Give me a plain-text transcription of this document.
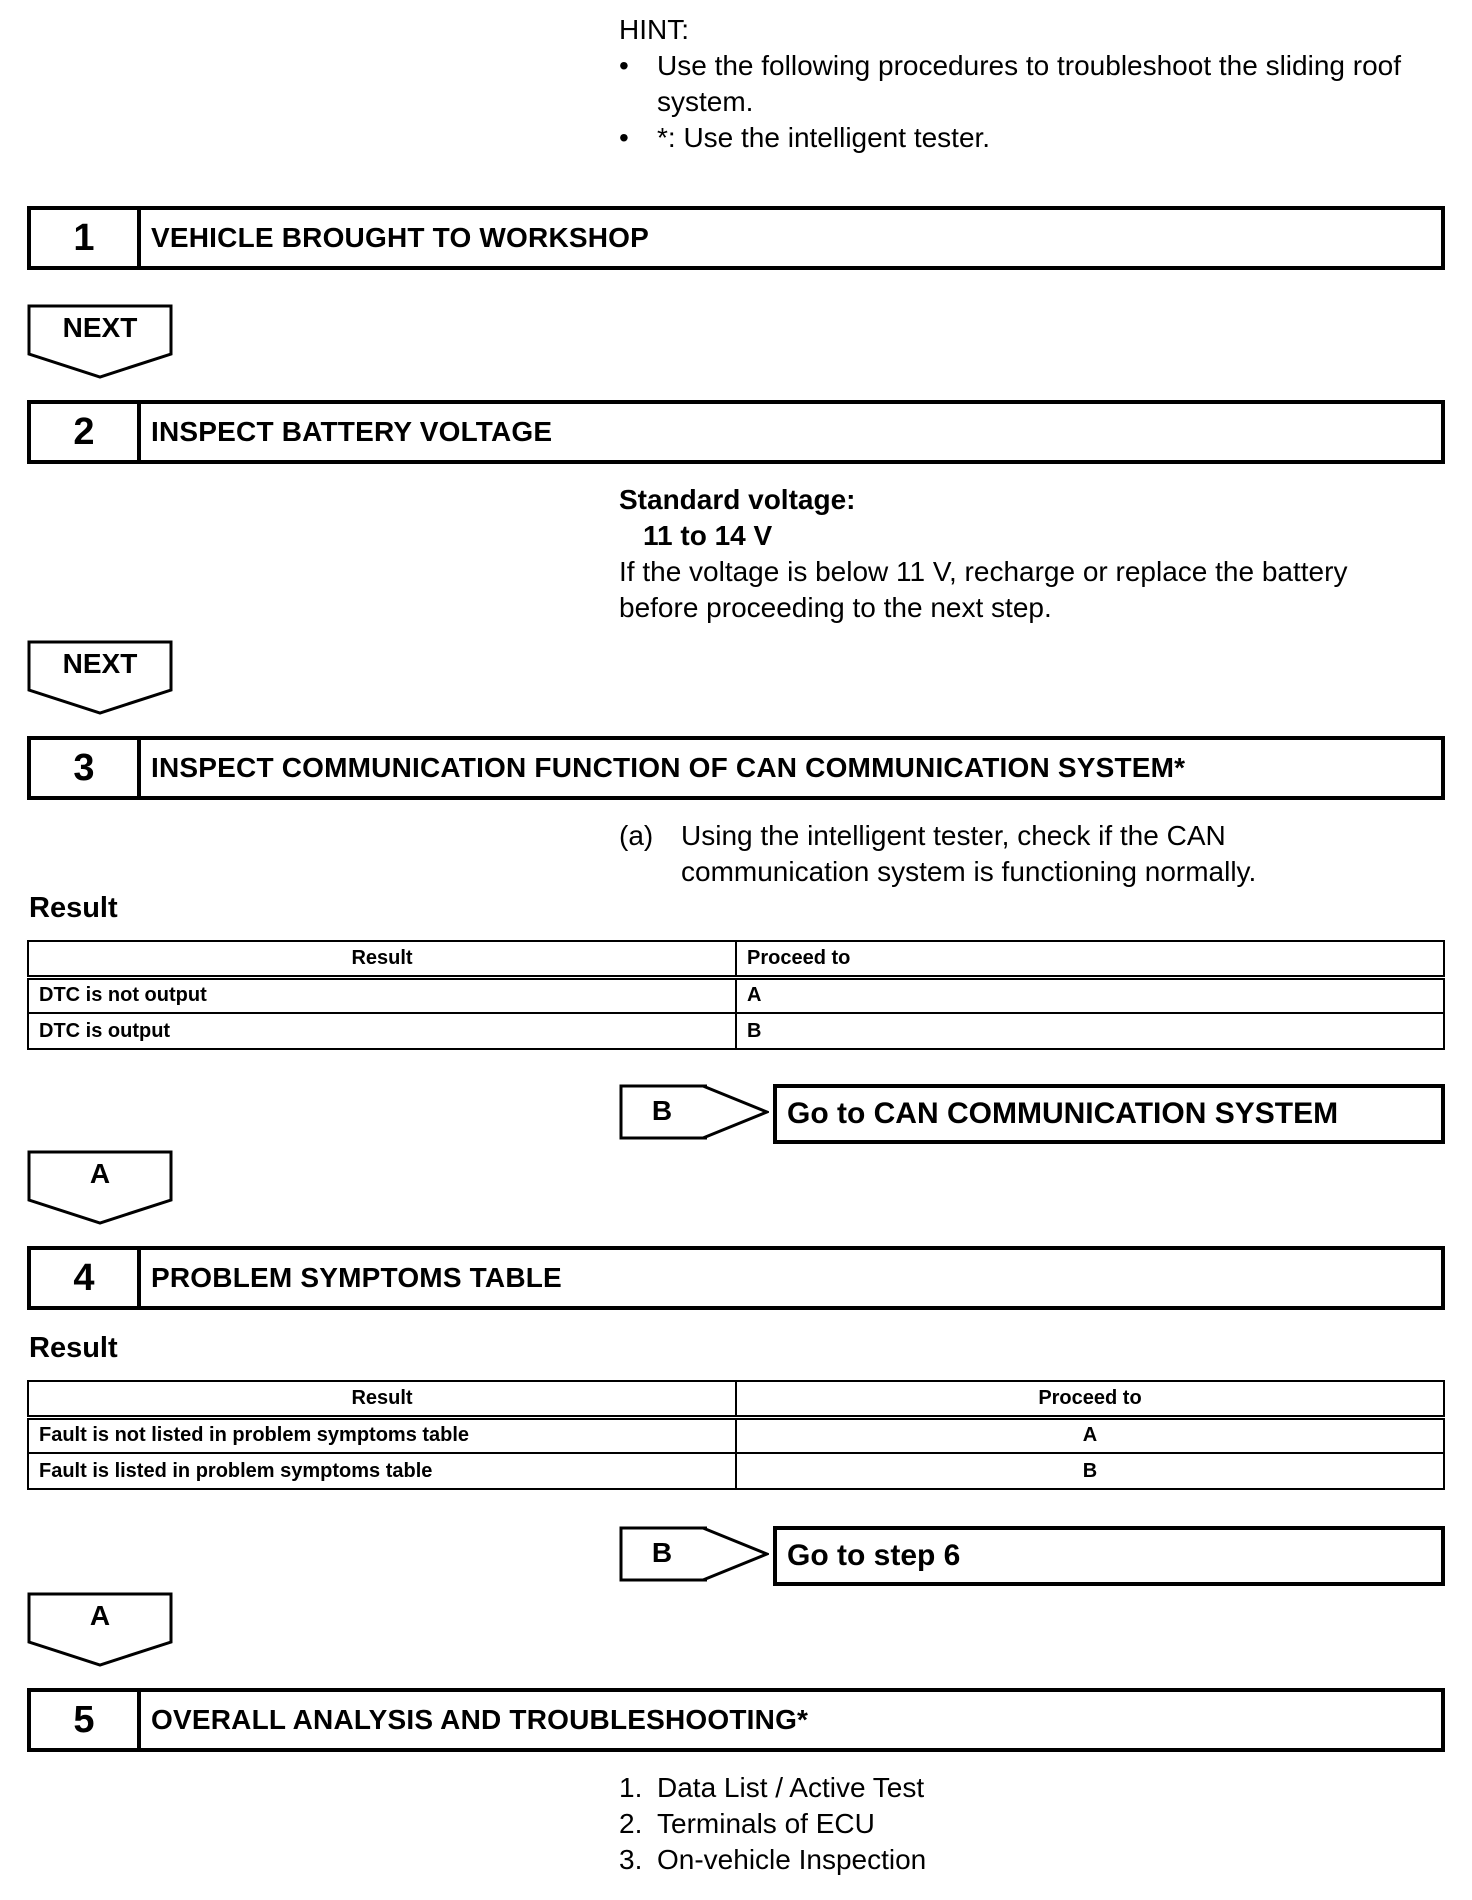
HINT:
• Use the following procedures to troubleshoot the sliding roof system.
• *: Use the intelligent tester.
1	VEHICLE BROUGHT TO WORKSHOP
NEXT
2	INSPECT BATTERY VOLTAGE
Standard voltage:
11 to 14 V
If the voltage is below 11 V, recharge or replace the battery
before proceeding to the next step.
NEXT
3	INSPECT COMMUNICATION FUNCTION OF CAN COMMUNICATION SYSTEM*
(a) Using the intelligent tester, check if the CAN
communication system is functioning normally.
Result
Result	Proceed to
DTC is not output	A
DTC is output	B
B	Go to CAN COMMUNICATION SYSTEM
A
4	PROBLEM SYMPTOMS TABLE
Result
Result	Proceed to
Fault is not listed in problem symptoms table	A
Fault is listed in problem symptoms table	B
B	Go to step 6
A
5	OVERALL ANALYSIS AND TROUBLESHOOTING*
1. Data List / Active Test
2. Terminals of ECU
3. On-vehicle Inspection
